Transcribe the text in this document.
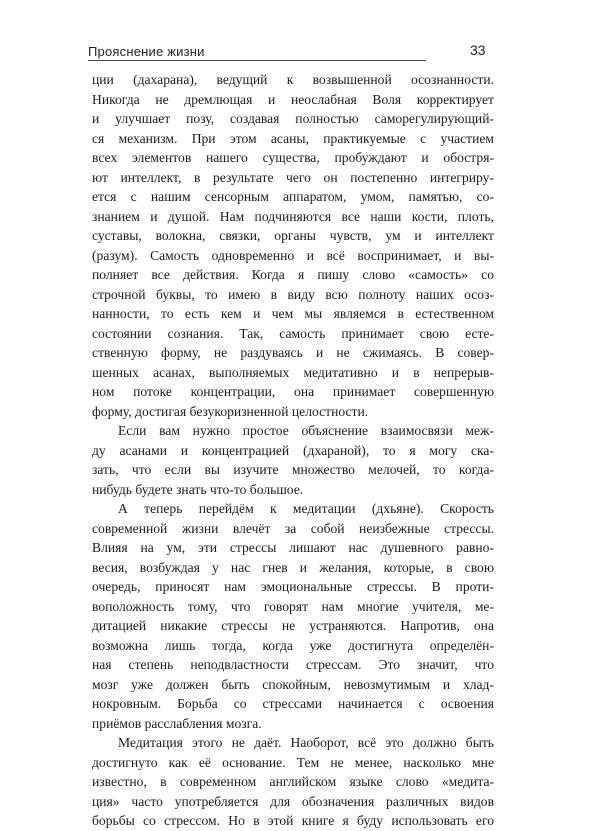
Прояснение жизни	33
ции (дахарана), ведущий к возвышенной осознанности.
Никогда не дремлющая и неослабная Воля корректирует
и улучшает позу, создавая полностью саморегулирующий-
ся механизм. При этом асаны, практикуемые с участием
всех элементов нашего существа, пробуждают и обостря-
ют интеллект, в результате чего он постепенно интегриру-
ется с нашим сенсорным аппаратом, умом, памятью, со-
знанием и душой. Нам подчиняются все наши кости, плоть,
суставы, волокна, связки, органы чувств, ум и интеллект
(разум). Самость одновременно и всё воспринимает, и вы-
полняет все действия. Когда я пишу слово «самость» со
строчной буквы, то имею в виду всю полноту наших осоз-
нанности, то есть кем и чем мы являемся в естественном
состоянии сознания. Так, самость принимает свою есте-
ственную форму, не раздуваясь и не сжимаясь. В совер-
шенных асанах, выполняемых медитативно и в непрерыв-
ном потоке концентрации, она принимает совершенную
форму, достигая безукоризненной целостности.
Если вам нужно простое объяснение взаимосвязи меж-
ду асанами и концентрацией (дхараной), то я могу ска-
зать, что если вы изучите множество мелочей, то когда-
нибудь будете знать что-то большое.
А теперь перейдём к медитации (дхьяне). Скорость
современной жизни влечёт за собой неизбежные стрессы.
Влияя на ум, эти стрессы лишают нас душевного равно-
весия, возбуждая у нас гнев и желания, которые, в свою
очередь, приносят нам эмоциональные стрессы. В проти-
воположность тому, что говорят нам многие учителя, ме-
дитацией никакие стрессы не устраняются. Напротив, она
возможна лишь тогда, когда уже достигнута определён-
ная степень неподвластности стрессам. Это значит, что
мозг уже должен быть спокойным, невозмутимым и хлад-
нокровным. Борьба со стрессами начинается с освоения
приёмов расслабления мозга.
Медитация этого не даёт. Наоборот, всё это должно быть
достигнуто как её основание. Тем не менее, насколько мне
известно, в современном английском языке слово «медита-
ция» часто употребляется для обозначения различных видов
борьбы со стрессом. Но в этой книге я буду использовать его
